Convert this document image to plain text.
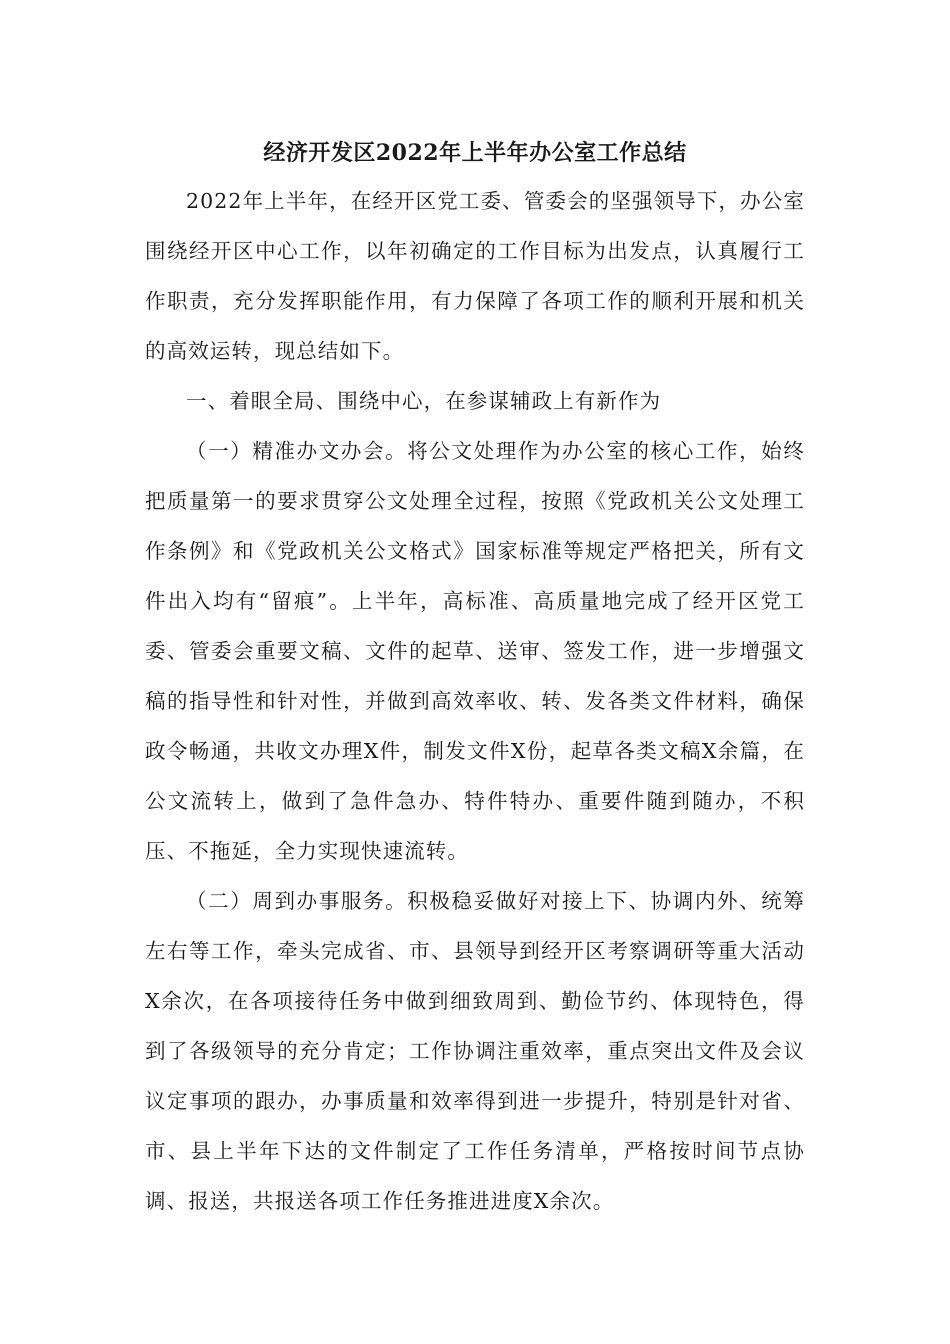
经济开发区2022年上半年办公室工作总结

2022年上半年，在经开区党工委、管委会的坚强领导下，办公室围绕经开区中心工作，以年初确定的工作目标为出发点，认真履行工作职责，充分发挥职能作用，有力保障了各项工作的顺利开展和机关的高效运转，现总结如下。

一、着眼全局、围绕中心，在参谋辅政上有新作为

（一）精准办文办会。将公文处理作为办公室的核心工作，始终把质量第一的要求贯穿公文处理全过程，按照《党政机关公文处理工作条例》和《党政机关公文格式》国家标准等规定严格把关，所有文件出入均有“留痕”。上半年，高标准、高质量地完成了经开区党工委、管委会重要文稿、文件的起草、送审、签发工作，进一步增强文稿的指导性和针对性，并做到高效率收、转、发各类文件材料，确保政令畅通，共收文办理X件，制发文件X份，起草各类文稿X余篇，在公文流转上，做到了急件急办、特件特办、重要件随到随办，不积压、不拖延，全力实现快速流转。

（二）周到办事服务。积极稳妥做好对接上下、协调内外、统筹左右等工作，牵头完成省、市、县领导到经开区考察调研等重大活动X余次，在各项接待任务中做到细致周到、勤俭节约、体现特色，得到了各级领导的充分肯定；工作协调注重效率，重点突出文件及会议议定事项的跟办，办事质量和效率得到进一步提升，特别是针对省、市、县上半年下达的文件制定了工作任务清单，严格按时间节点协调、报送，共报送各项工作任务推进进度X余次。
